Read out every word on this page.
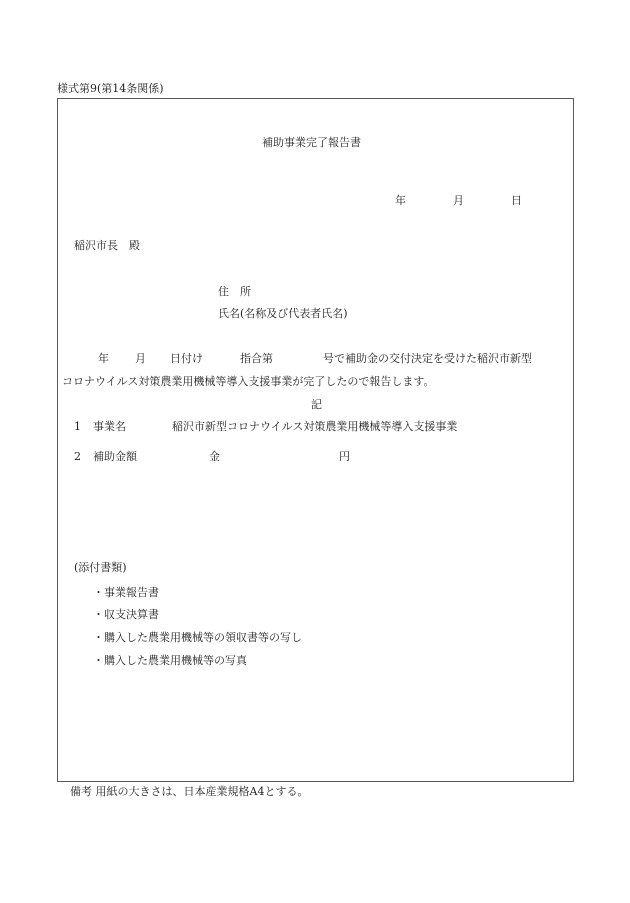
様式第9(第14条関係)
補助事業完了報告書
年	月	日
稲沢市長　殿
住　所
氏名(名称及び代表者氏名)
年 月 日付け	指合第	号で補助金の交付決定を受けた稲沢市新型
コロナウイルス対策農業用機械等導入支援事業が完了したので報告します。
記
1 事業名	稲沢市新型コロナウイルス対策農業用機械等導入支援事業
2 補助金額	金	円
(添付書類)
・事業報告書
・収支決算書
・購入した農業用機械等の領収書等の写し
・購入した農業用機械等の写真
備考 用紙の大きさは、日本産業規格A4とする。
